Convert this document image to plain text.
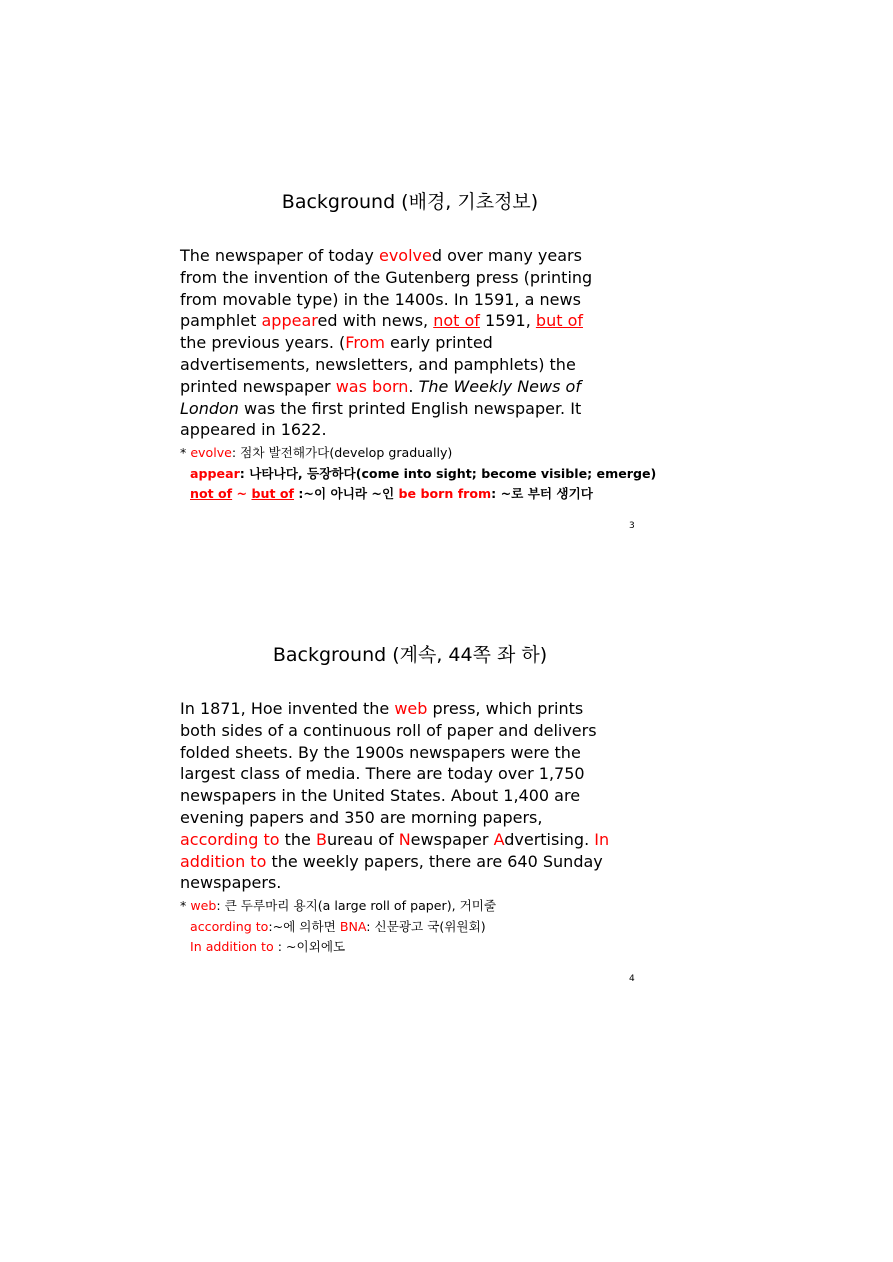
Background (배경, 기초정보)
The newspaper of today evolved over many years
from the invention of the Gutenberg press (printing
from movable type) in the 1400s. In 1591, a news
pamphlet appeared with news, not of 1591, but of
the previous years. (From early printed
advertisements, newsletters, and pamphlets) the
printed newspaper was born. The Weekly News of
London was the first printed English newspaper. It
appeared in 1622.
* evolve: 점차 발전해가다(develop gradually)
appear: 나타나다, 등장하다(come into sight; become visible; emerge)
not of ~ but of :~이 아니라 ~인 be born from: ~로 부터 생기다
3
Background (계속, 44쪽 좌 하)
In 1871, Hoe invented the web press, which prints
both sides of a continuous roll of paper and delivers
folded sheets. By the 1900s newspapers were the
largest class of media. There are today over 1,750
newspapers in the United States. About 1,400 are
evening papers and 350 are morning papers,
according to the Bureau of Newspaper Advertising. In
addition to the weekly papers, there are 640 Sunday
newspapers.
* web: 큰 두루마리 용지(a large roll of paper), 거미줄
according to:~에 의하면 BNA: 신문광고 국(위원회)
In addition to : ~이외에도
4
